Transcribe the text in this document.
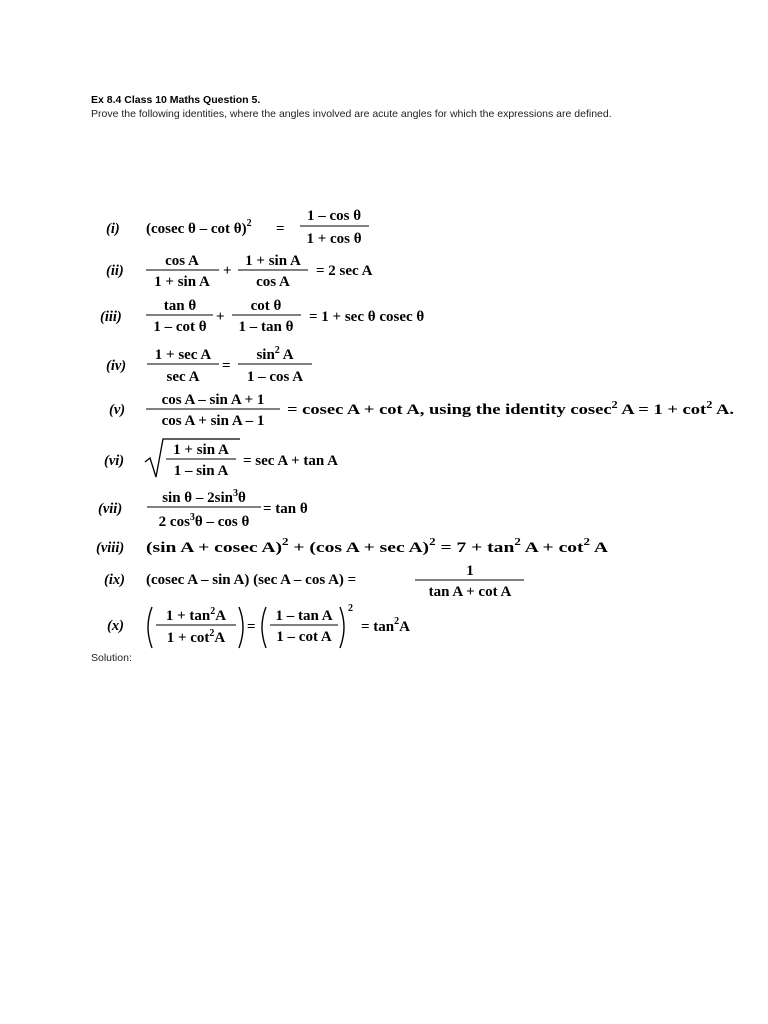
Ex 8.4 Class 10 Maths Question 5.
Prove the following identities, where the angles involved are acute angles for which the expressions are defined.
(i) (cosec θ – cot θ)$^2$ =
1 – cos θ
1 + cos θ
(ii)
cos A
1 + sin A
+
1 + sin A
cos A
= 2 sec A
(iii)
tan θ
1 – cot θ
+
cot θ
1 – tan θ
= 1 + sec θ cosec θ
(iv)
1 + sec A
sec A
=
$\sin^2 A$
1 – cos A
(v)
cos A – sin A + 1
cos A + sin A – 1
= cosec A + cot A, using the identity cosec	$^2$ A = 1 + cot $^2$ A.
(vi)
1 + sin A
1 – sin A
= sec A + tan A
(vii)
sin θ – $2\sin^3\theta$
2 $\cos^3\theta$ – cos θ
= tan θ
(viii) (sin A + cosec A)	$^2$ + (cos A + sec A)	$^2$ = 7 + tan $^2$ A + cot $^2$ A
(ix) (cosec A – sin A) (sec A – cos A) =
1
tan A + cot A
(x)
$1 + \tan^2A$
$1 + \cot^2A$
=
1 – tan A
1 – cot A
2
= $\tan^2A$
Solution:
